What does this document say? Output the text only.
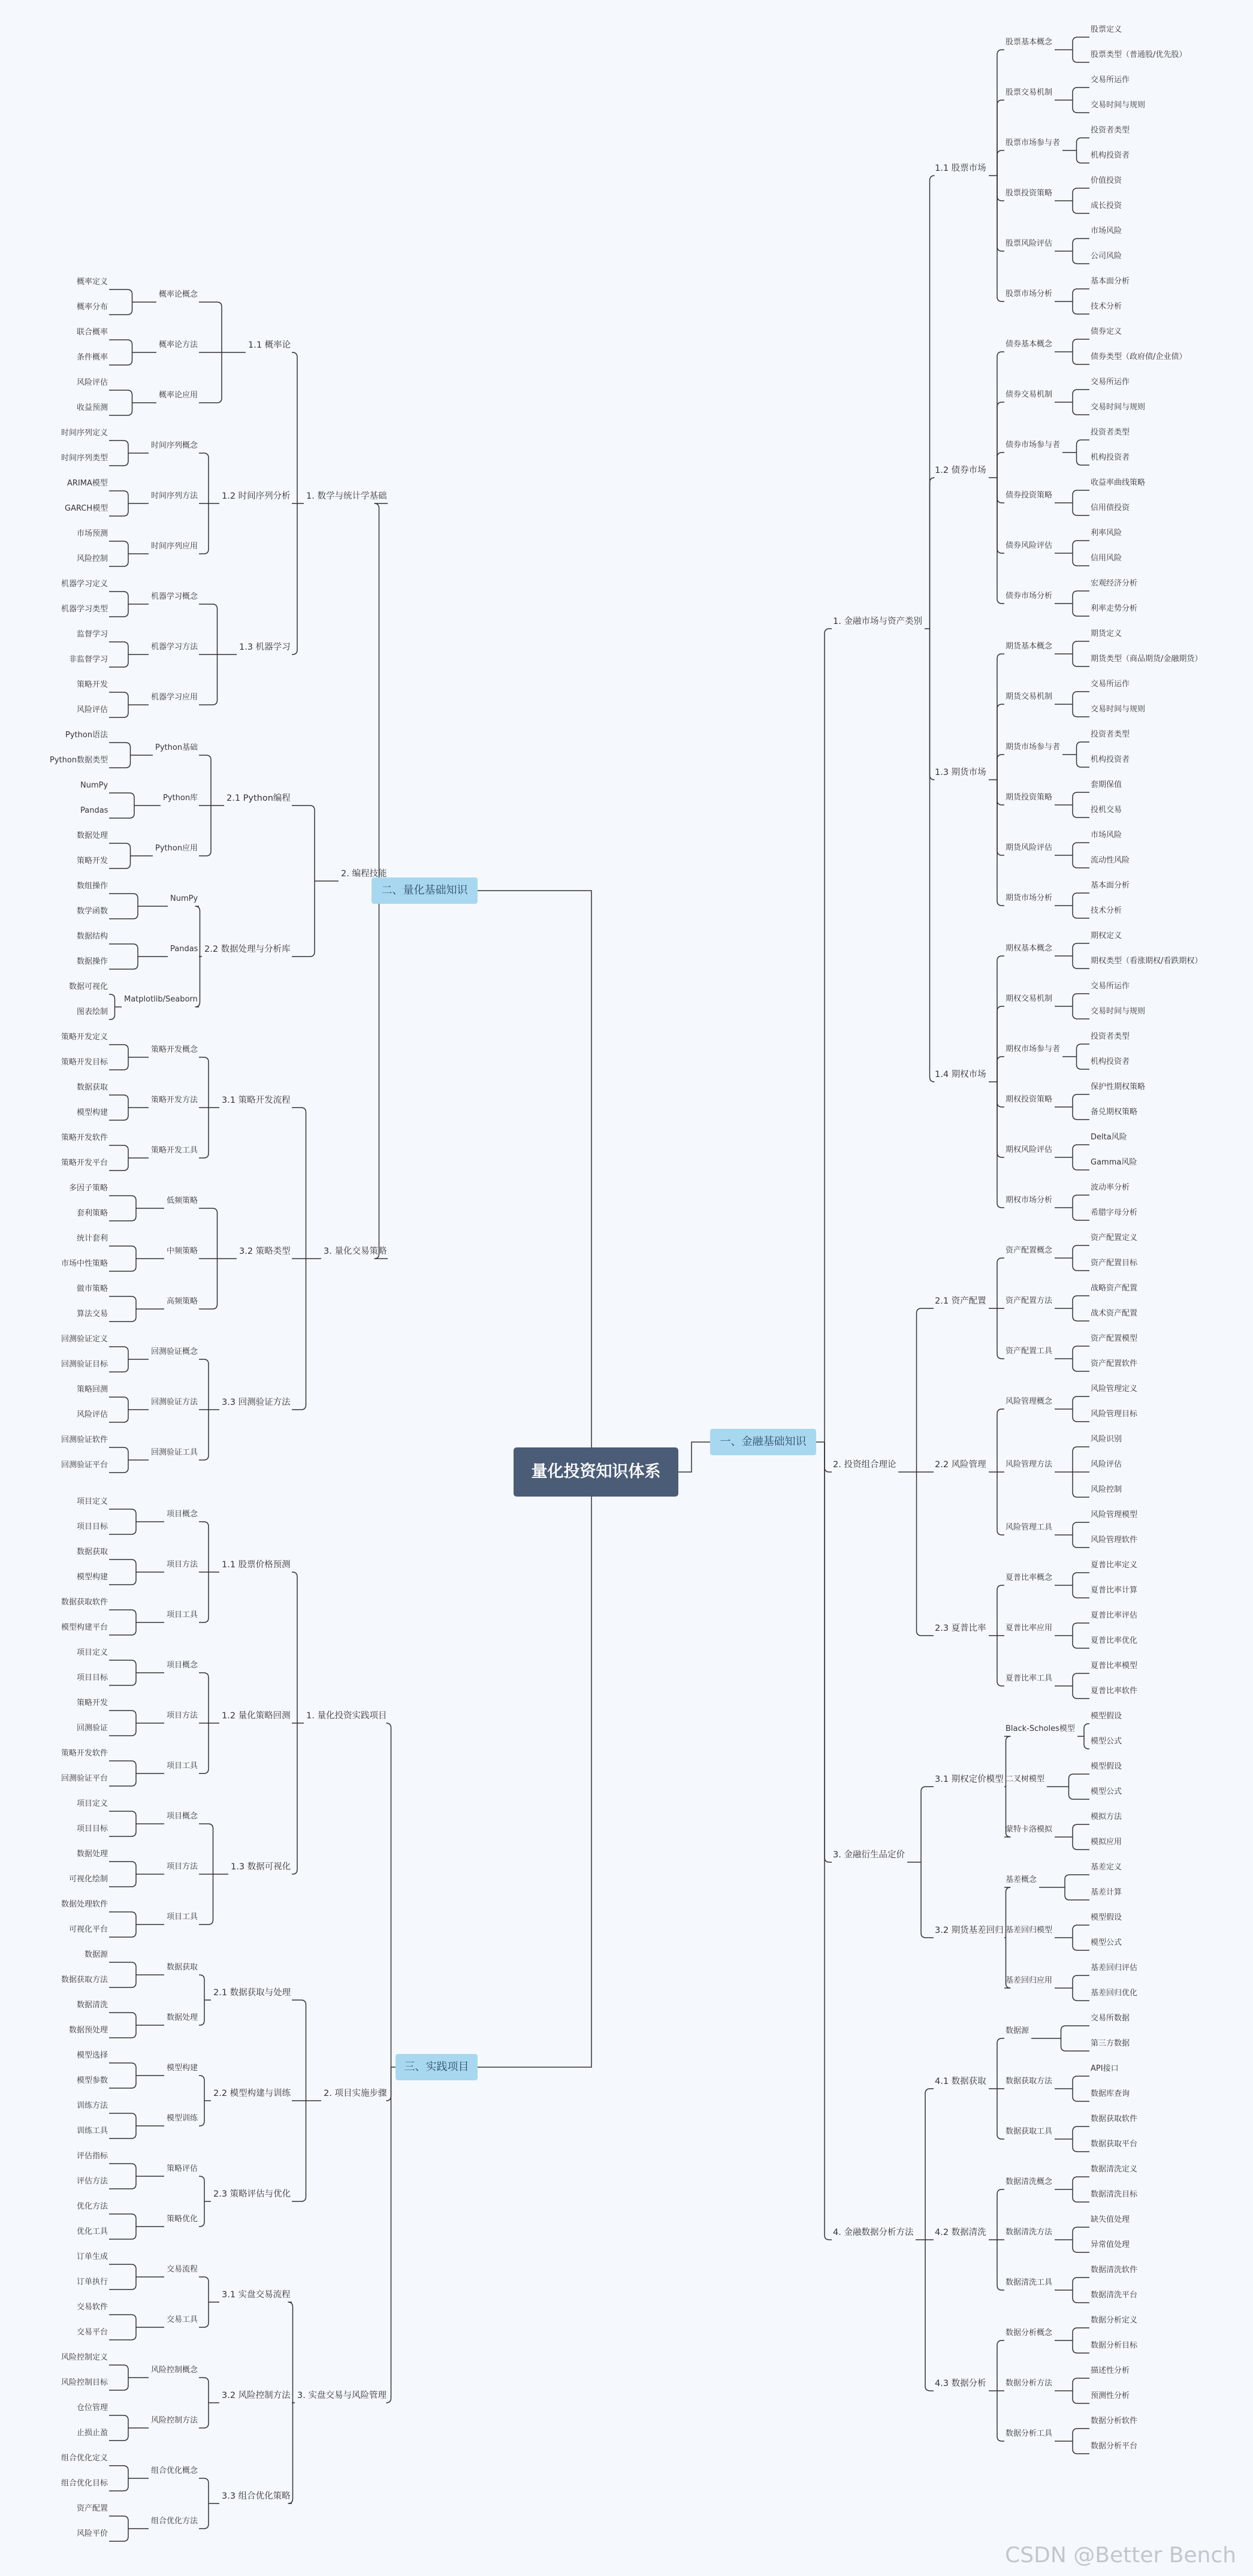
量化投资知识体系
一、金融基础知识
二、量化基础知识
三、实践项目
CSDN @Better Bench
股票定义
股票类型（普通股/优先股）
股票基本概念
交易所运作
交易时间与规则
股票交易机制
投资者类型
机构投资者
股票市场参与者
价值投资
成长投资
股票投资策略
市场风险
公司风险
股票风险评估
基本面分析
技术分析
股票市场分析
1.1 股票市场
债券定义
债券类型（政府债/企业债）
债券基本概念
交易所运作
交易时间与规则
债券交易机制
投资者类型
机构投资者
债券市场参与者
收益率曲线策略
信用债投资
债券投资策略
利率风险
信用风险
债券风险评估
宏观经济分析
利率走势分析
债券市场分析
1.2 债券市场
期货定义
期货类型（商品期货/金融期货）
期货基本概念
交易所运作
交易时间与规则
期货交易机制
投资者类型
机构投资者
期货市场参与者
套期保值
投机交易
期货投资策略
市场风险
流动性风险
期货风险评估
基本面分析
技术分析
期货市场分析
1.3 期货市场
期权定义
期权类型（看涨期权/看跌期权）
期权基本概念
交易所运作
交易时间与规则
期权交易机制
投资者类型
机构投资者
期权市场参与者
保护性期权策略
备兑期权策略
期权投资策略
Delta风险
Gamma风险
期权风险评估
波动率分析
希腊字母分析
期权市场分析
1.4 期权市场
1. 金融市场与资产类别
资产配置定义
资产配置目标
资产配置概念
战略资产配置
战术资产配置
资产配置方法
资产配置模型
资产配置软件
资产配置工具
2.1 资产配置
风险管理定义
风险管理目标
风险管理概念
风险识别
风险评估
风险控制
风险管理方法
风险管理模型
风险管理软件
风险管理工具
2.2 风险管理
夏普比率定义
夏普比率计算
夏普比率概念
夏普比率评估
夏普比率优化
夏普比率应用
夏普比率模型
夏普比率软件
夏普比率工具
2.3 夏普比率
2. 投资组合理论
模型假设
模型公式
Black-Scholes模型
模型假设
模型公式
二叉树模型
模拟方法
模拟应用
蒙特卡洛模拟
3.1 期权定价模型
基差定义
基差计算
基差概念
模型假设
模型公式
基差回归模型
基差回归评估
基差回归优化
基差回归应用
3.2 期货基差回归
3. 金融衍生品定价
交易所数据
第三方数据
数据源
API接口
数据库查询
数据获取方法
数据获取软件
数据获取平台
数据获取工具
4.1 数据获取
数据清洗定义
数据清洗目标
数据清洗概念
缺失值处理
异常值处理
数据清洗方法
数据清洗软件
数据清洗平台
数据清洗工具
4.2 数据清洗
数据分析定义
数据分析目标
数据分析概念
描述性分析
预测性分析
数据分析方法
数据分析软件
数据分析平台
数据分析工具
4.3 数据分析
4. 金融数据分析方法
概率定义
概率分布
概率论概念
联合概率
条件概率
概率论方法
风险评估
收益预测
概率论应用
1.1 概率论
时间序列定义
时间序列类型
时间序列概念
ARIMA模型
GARCH模型
时间序列方法
市场预测
风险控制
时间序列应用
1.2 时间序列分析
机器学习定义
机器学习类型
机器学习概念
监督学习
非监督学习
机器学习方法
策略开发
风险评估
机器学习应用
1.3 机器学习
1. 数学与统计学基础
Python语法
Python数据类型
Python基础
NumPy
Pandas
Python库
数据处理
策略开发
Python应用
2.1 Python编程
数组操作
数学函数
NumPy
数据结构
数据操作
Pandas
数据可视化
图表绘制
Matplotlib/Seaborn
2.2 数据处理与分析库
2. 编程技能
策略开发定义
策略开发目标
策略开发概念
数据获取
模型构建
策略开发方法
策略开发软件
策略开发平台
策略开发工具
3.1 策略开发流程
多因子策略
套利策略
低频策略
统计套利
市场中性策略
中频策略
做市策略
算法交易
高频策略
3.2 策略类型
回测验证定义
回测验证目标
回测验证概念
策略回测
风险评估
回测验证方法
回测验证软件
回测验证平台
回测验证工具
3.3 回测验证方法
3. 量化交易策略
项目定义
项目目标
项目概念
数据获取
模型构建
项目方法
数据获取软件
模型构建平台
项目工具
1.1 股票价格预测
项目定义
项目目标
项目概念
策略开发
回测验证
项目方法
策略开发软件
回测验证平台
项目工具
1.2 量化策略回测
项目定义
项目目标
项目概念
数据处理
可视化绘制
项目方法
数据处理软件
可视化平台
项目工具
1.3 数据可视化
1. 量化投资实践项目
数据源
数据获取方法
数据获取
数据清洗
数据预处理
数据处理
2.1 数据获取与处理
模型选择
模型参数
模型构建
训练方法
训练工具
模型训练
2.2 模型构建与训练
评估指标
评估方法
策略评估
优化方法
优化工具
策略优化
2.3 策略评估与优化
2. 项目实施步骤
订单生成
订单执行
交易流程
交易软件
交易平台
交易工具
3.1 实盘交易流程
风险控制定义
风险控制目标
风险控制概念
仓位管理
止损止盈
风险控制方法
3.2 风险控制方法
组合优化定义
组合优化目标
组合优化概念
资产配置
风险平价
组合优化方法
3.3 组合优化策略
3. 实盘交易与风险管理
